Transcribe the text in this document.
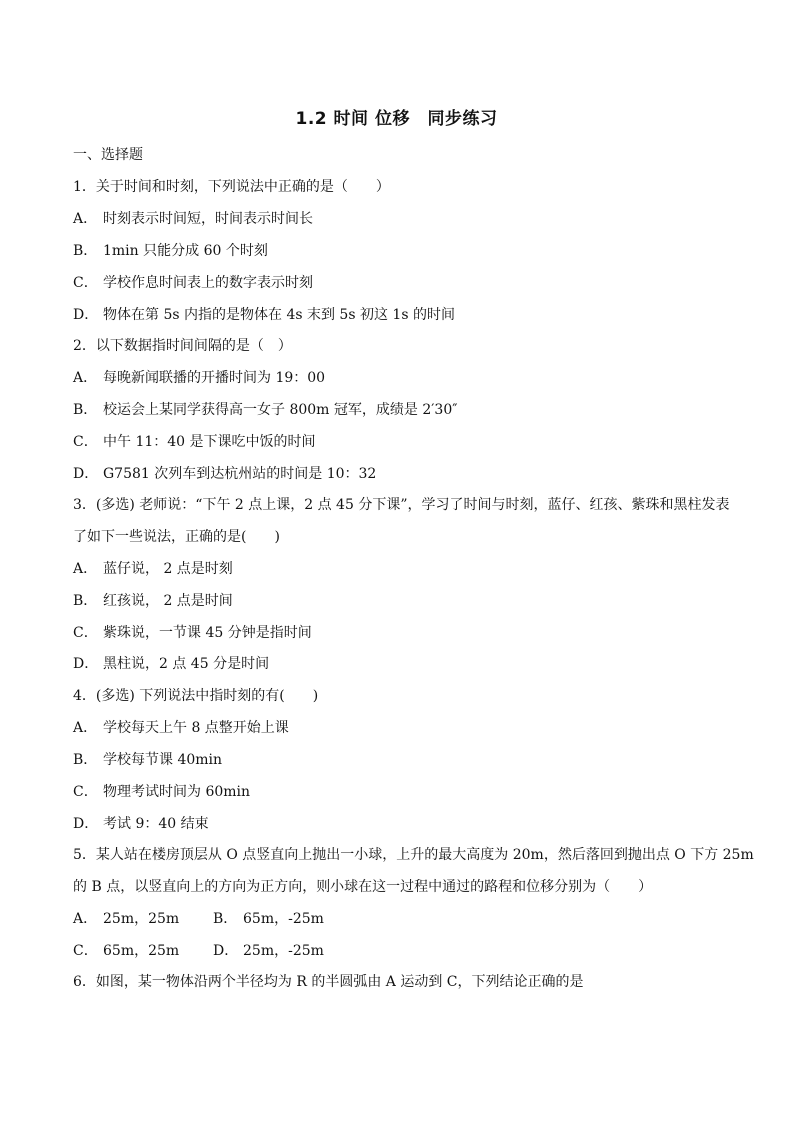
1.2 时间 位移　同步练习
一、选择题
1．关于时间和时刻，下列说法中正确的是（　　）
A． 时刻表示时间短，时间表示时间长
B． 1min 只能分成 60 个时刻
C． 学校作息时间表上的数字表示时刻
D． 物体在第 5s 内指的是物体在 4s 末到 5s 初这 1s 的时间
2．以下数据指时间间隔的是（　）
A． 每晚新闻联播的开播时间为 19：00
B． 校运会上某同学获得高一女子 800m 冠军，成绩是 2′30″
C． 中午 11：40 是下课吃中饭的时间
D． G7581 次列车到达杭州站的时间是 10：32
3．(多选) 老师说：“下午 2 点上课，2 点 45 分下课”，学习了时间与时刻，蓝仔、红孩、紫珠和黑柱发表
了如下一些说法，正确的是(　　)
A． 蓝仔说， 2 点是时刻
B． 红孩说， 2 点是时间
C． 紫珠说，一节课 45 分钟是指时间
D． 黑柱说，2 点 45 分是时间
4．(多选) 下列说法中指时刻的有(　　)
A． 学校每天上午 8 点整开始上课
B． 学校每节课 40min
C． 物理考试时间为 60min
D． 考试 9：40 结束
5．某人站在楼房顶层从 O 点竖直向上抛出一小球，上升的最大高度为 20m，然后落回到抛出点 O 下方 25m
的 B 点，以竖直向上的方向为正方向，则小球在这一过程中通过的路程和位移分别为（　　）
A． 25m，25m B． 65m，-25m
C． 65m，25m D． 25m，-25m
6．如图，某一物体沿两个半径均为 R 的半圆弧由 A 运动到 C，下列结论正确的是
